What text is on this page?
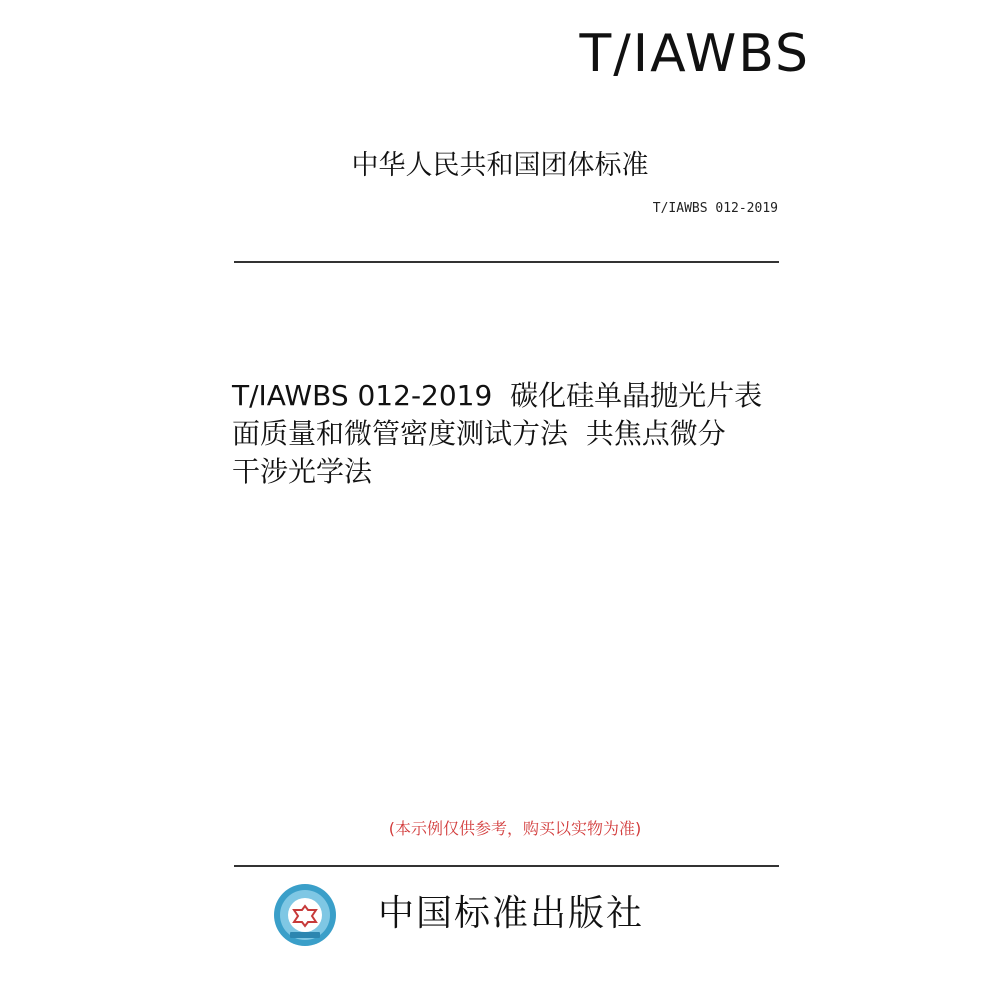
T/IAWBS
中华人民共和国团体标准
T/IAWBS 012-2019
T/IAWBS 012-2019  碳化硅单晶抛光片表
面质量和微管密度测试方法  共焦点微分
干涉光学法
(本示例仅供参考，购买以实物为准)
中国标准出版社
